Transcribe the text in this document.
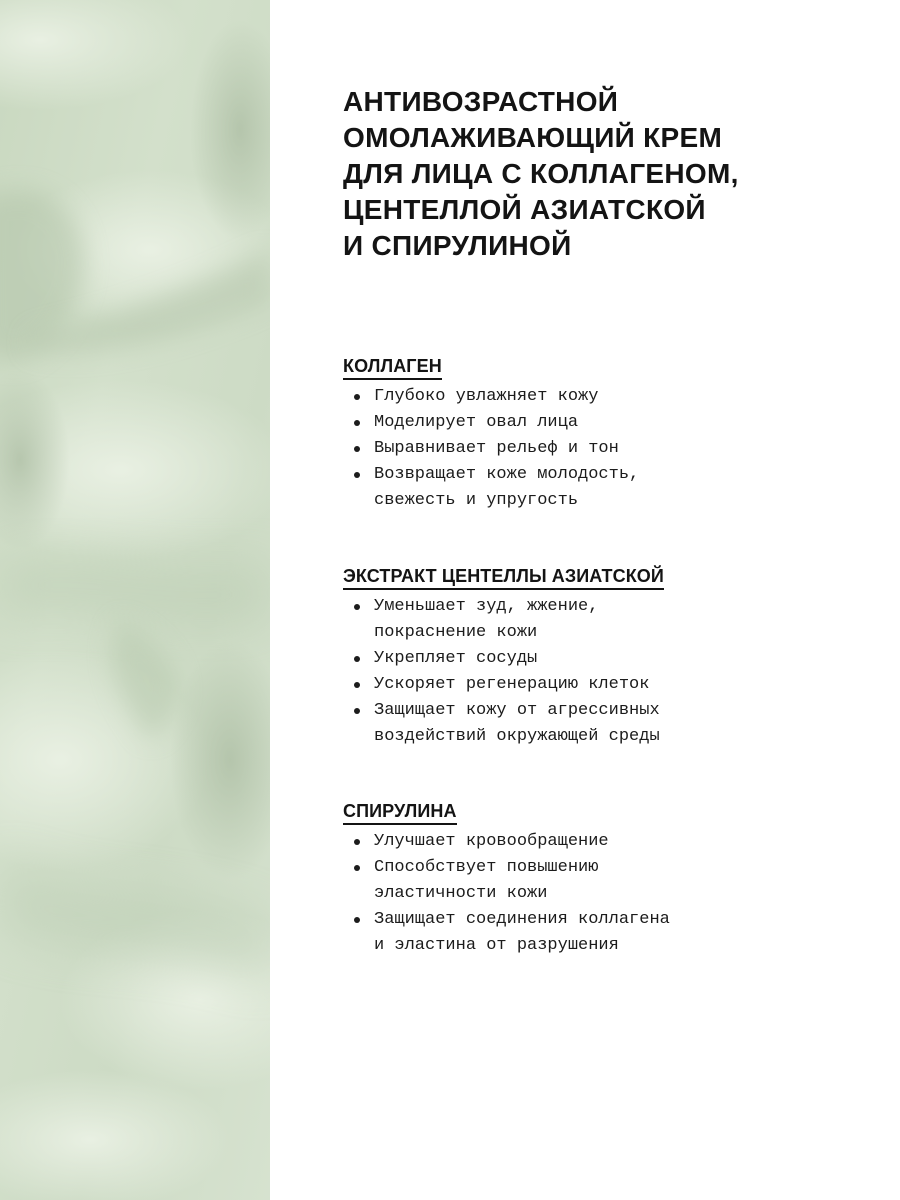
АНТИВОЗРАСТНОЙ
ОМОЛАЖИВАЮЩИЙ КРЕМ
ДЛЯ ЛИЦА С КОЛЛАГЕНОМ,
ЦЕНТЕЛЛОЙ АЗИАТСКОЙ
И СПИРУЛИНОЙ
КОЛЛАГЕН
Глубоко увлажняет кожу
Моделирует овал лица
Выравнивает рельеф и тон
Возвращает коже молодость,
свежесть и упругость
ЭКСТРАКТ ЦЕНТЕЛЛЫ АЗИАТСКОЙ
Уменьшает зуд, жжение,
покраснение кожи
Укрепляет сосуды
Ускоряет регенерацию клеток
Защищает кожу от агрессивных
воздействий окружающей среды
СПИРУЛИНА
Улучшает кровообращение
Способствует повышению
эластичности кожи
Защищает соединения коллагена
и эластина от разрушения
